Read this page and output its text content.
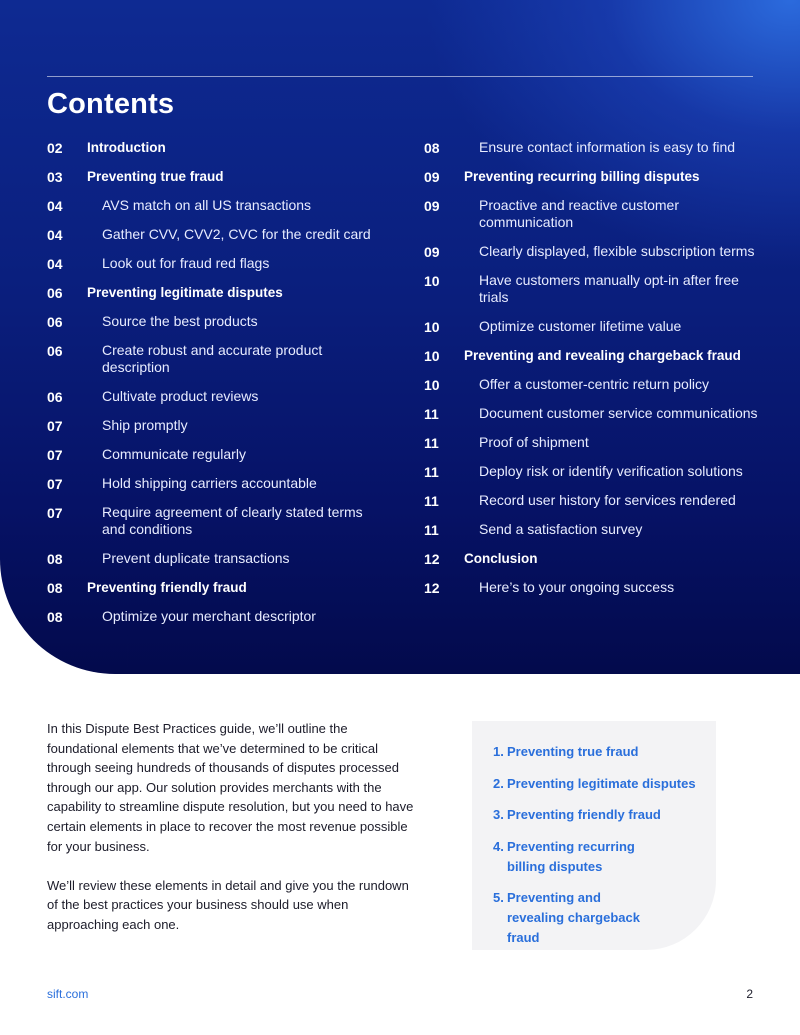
Contents
02	Introduction
03	Preventing true fraud
04	AVS match on all US transactions
04	Gather CVV, CVV2, CVC for the credit card
04	Look out for fraud red flags
06	Preventing legitimate disputes
06	Source the best products
06	Create robust and accurate product description
06	Cultivate product reviews
07	Ship promptly
07	Communicate regularly
07	Hold shipping carriers accountable
07	Require agreement of clearly stated terms and conditions
08	Prevent duplicate transactions
08	Preventing friendly fraud
08	Optimize your merchant descriptor
08	Ensure contact information is easy to find
09	Preventing recurring billing disputes
09	Proactive and reactive customer communication
09	Clearly displayed, flexible subscription terms
10	Have customers manually opt-in after free trials
10	Optimize customer lifetime value
10	Preventing and revealing chargeback fraud
10	Offer a customer-centric return policy
11	Document customer service communications
11	Proof of shipment
11	Deploy risk or identify verification solutions
11	Record user history for services rendered
11	Send a satisfaction survey
12	Conclusion
12	Here’s to your ongoing success

In this Dispute Best Practices guide, we’ll outline the foundational elements that we’ve determined to be critical through seeing hundreds of thousands of disputes processed through our app. Our solution provides merchants with the capability to streamline dispute resolution, but you need to have certain elements in place to recover the most revenue possible for your business.

We’ll review these elements in detail and give you the rundown of the best practices your business should use when approaching each one.

1. Preventing true fraud
2. Preventing legitimate disputes
3. Preventing friendly fraud
4. Preventing recurring billing disputes
5. Preventing and revealing chargeback fraud
sift.com	2
